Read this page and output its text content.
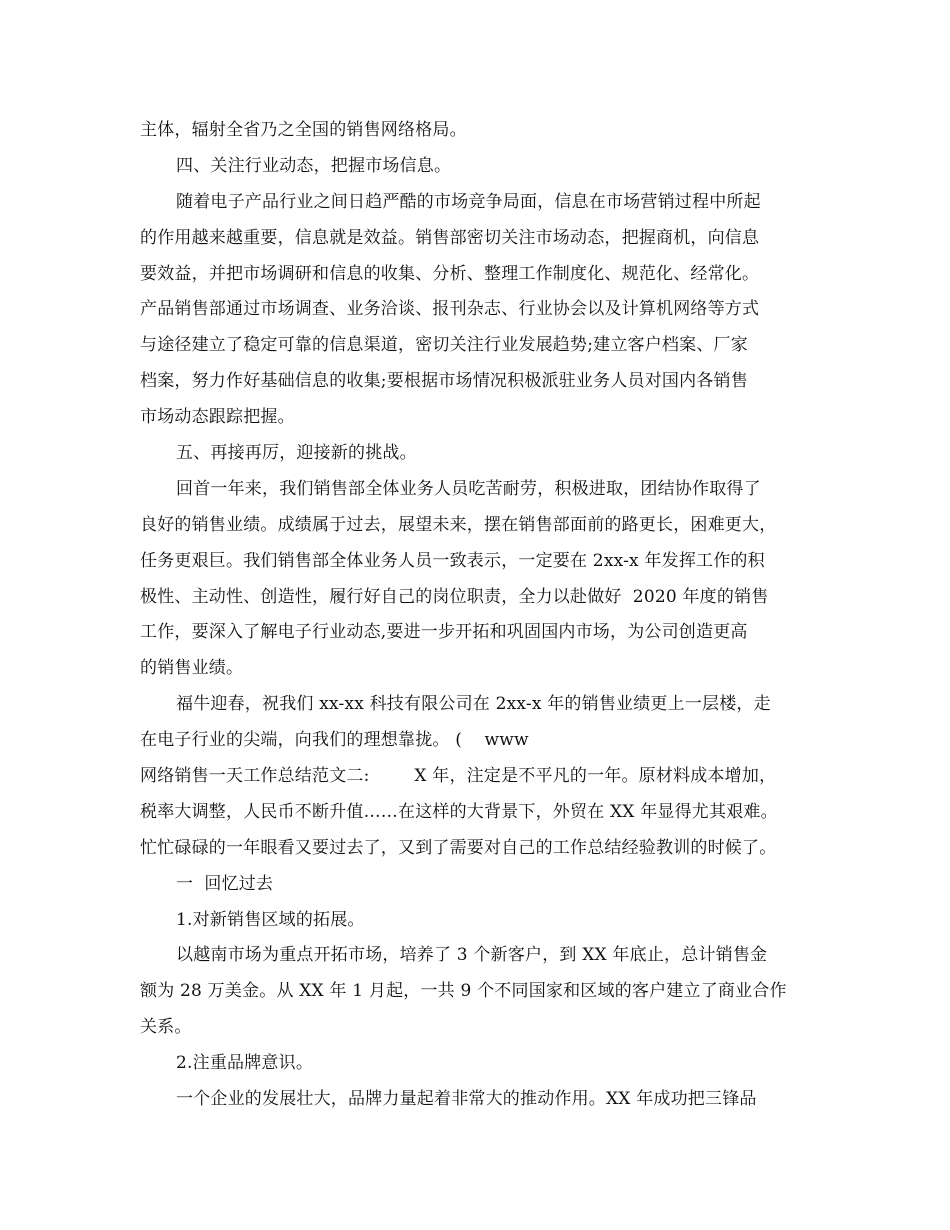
主体，辐射全省乃之全国的销售网络格局。
四、关注行业动态，把握市场信息。
随着电子产品行业之间日趋严酷的市场竞争局面，信息在市场营销过程中所起
的作用越来越重要，信息就是效益。销售部密切关注市场动态，把握商机，向信息
要效益，并把市场调研和信息的收集、分析、整理工作制度化、规范化、经常化。
产品销售部通过市场调查、业务洽谈、报刊杂志、行业协会以及计算机网络等方式
与途径建立了稳定可靠的信息渠道，密切关注行业发展趋势;建立客户档案、厂家
档案，努力作好基础信息的收集;要根据市场情况积极派驻业务人员对国内各销售
市场动态跟踪把握。
五、再接再厉，迎接新的挑战。
回首一年来，我们销售部全体业务人员吃苦耐劳，积极进取，团结协作取得了
良好的销售业绩。成绩属于过去，展望未来，摆在销售部面前的路更长，困难更大，
任务更艰巨。我们销售部全体业务人员一致表示，一定要在 2xx-x 年发挥工作的积
极性、主动性、创造性，履行好自己的岗位职责，全力以赴做好  2020 年度的销售
工作，要深入了解电子行业动态,要进一步开拓和巩固国内市场，为公司创造更高
的销售业绩。
福牛迎春，祝我们 xx-xx 科技有限公司在 2xx-x 年的销售业绩更上一层楼，走
在电子行业的尖端，向我们的理想靠拢。 (    www
网络销售一天工作总结范文二:        X 年，注定是不平凡的一年。原材料成本增加，
税率大调整，人民币不断升值……在这样的大背景下，外贸在 XX 年显得尤其艰难。
忙忙碌碌的一年眼看又要过去了，又到了需要对自己的工作总结经验教训的时候了。
一  回忆过去
1.对新销售区域的拓展。
以越南市场为重点开拓市场，培养了 3 个新客户，到 XX 年底止，总计销售金
额为 28 万美金。从 XX 年 1 月起，一共 9 个不同国家和区域的客户建立了商业合作
关系。
2.注重品牌意识。
一个企业的发展壮大，品牌力量起着非常大的推动作用。XX 年成功把三锋品
